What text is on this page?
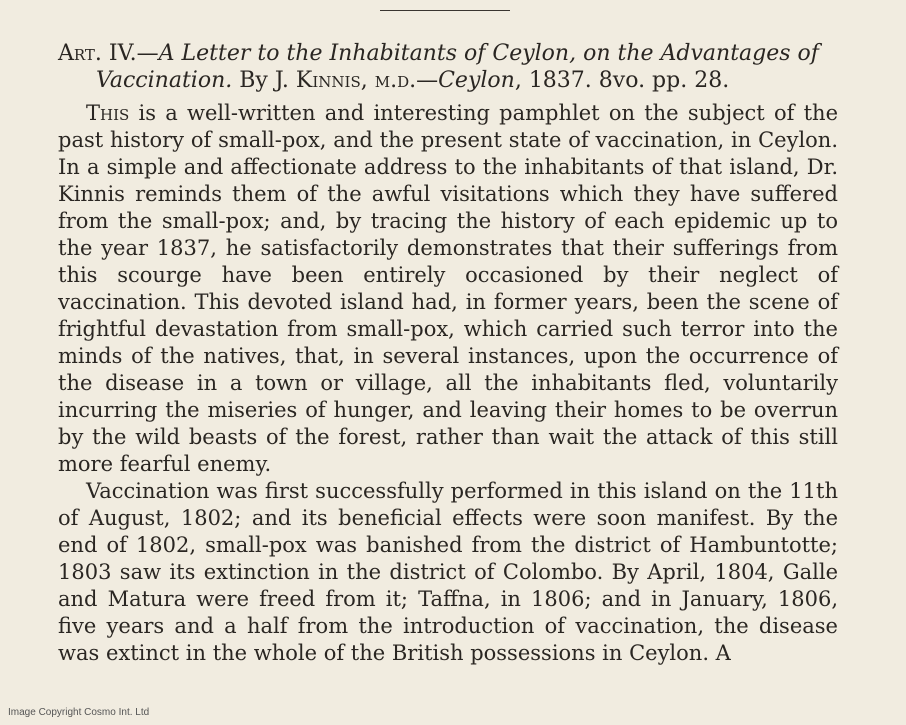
Art. IV.—A Letter to the Inhabitants of Ceylon, on the Advantages of
Vaccination. By J. Kinnis, m.d.—Ceylon, 1837. 8vo. pp. 28.

This is a well-written and interesting pamphlet on the subject of the past history of small-pox, and the present state of vaccination, in Ceylon. In a simple and affectionate address to the inhabitants of that island, Dr. Kinnis reminds them of the awful visitations which they have suffered from the small-pox; and, by tracing the history of each epidemic up to the year 1837, he satisfactorily demonstrates that their sufferings from this scourge have been entirely occasioned by their neglect of vaccination. This devoted island had, in former years, been the scene of frightful devastation from small-pox, which carried such terror into the minds of the natives, that, in several instances, upon the occurrence of the disease in a town or village, all the inhabitants fled, voluntarily incurring the miseries of hunger, and leaving their homes to be overrun by the wild beasts of the forest, rather than wait the attack of this still more fearful enemy.

Vaccination was first successfully performed in this island on the 11th of August, 1802; and its beneficial effects were soon manifest. By the end of 1802, small-pox was banished from the district of Hambuntotte; 1803 saw its extinction in the district of Colombo. By April, 1804, Galle and Matura were freed from it; Taffna, in 1806; and in January, 1806, five years and a half from the introduction of vaccination, the disease was extinct in the whole of the British possessions in Ceylon. A

Image Copyright Cosmo Int. Ltd
